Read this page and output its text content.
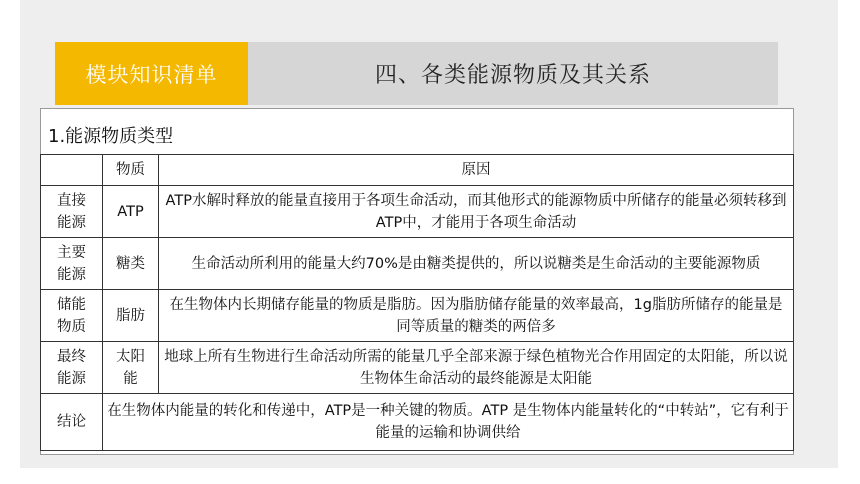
模块知识清单	四、各类能源物质及其关系
1.能源物质类型
	物质	原因
直接能源	ATP	ATP水解时释放的能量直接用于各项生命活动，而其他形式的能源物质中所储存的能量必须转移到ATP中，才能用于各项生命活动
主要能源	糖类	生命活动所利用的能量大约70%是由糖类提供的，所以说糖类是生命活动的主要能源物质
储能物质	脂肪	在生物体内长期储存能量的物质是脂肪。因为脂肪储存能量的效率最高，1g脂肪所储存的能量是同等质量的糖类的两倍多
最终能源	太阳能	地球上所有生物进行生命活动所需的能量几乎全部来源于绿色植物光合作用固定的太阳能，所以说生物体生命活动的最终能源是太阳能
结论	在生物体内能量的转化和传递中，ATP是一种关键的物质。ATP 是生物体内能量转化的“中转站”，它有利于能量的运输和协调供给	
